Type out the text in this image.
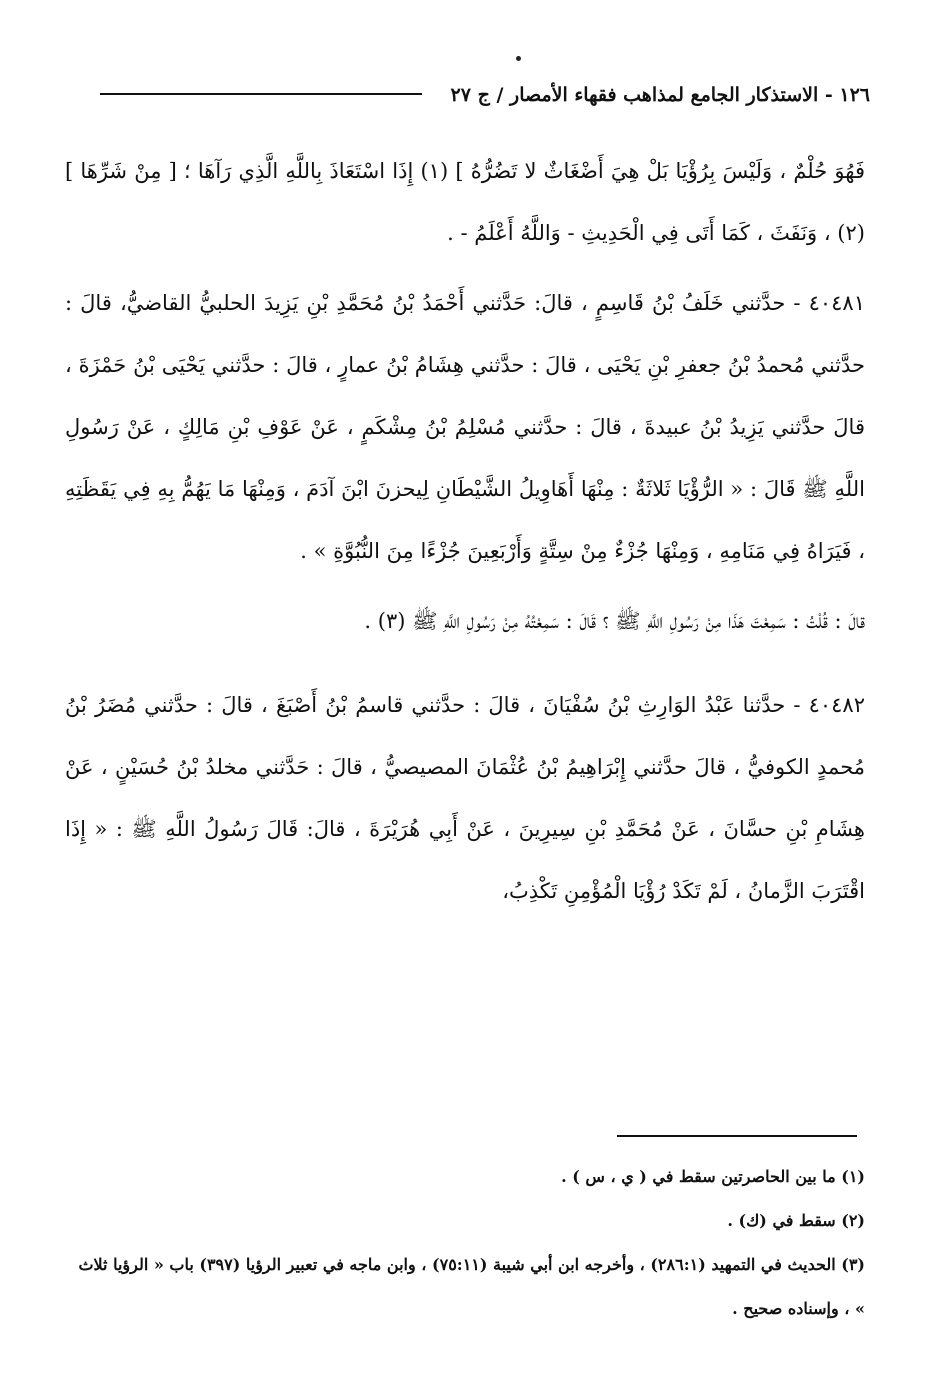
١٢٦ - الاستذكار الجامع لمذاهب فقهاء الأمصار / ج ٢٧

فَهُوَ حُلْمٌ ، وَلَيْسَ بِرُؤْيَا بَلْ هِيَ أَضْغَاثٌ لا تَضُرُّهُ ] (١) إِذَا اسْتَعَاذَ بِاللَّهِ الَّذِي رَآهَا ؛ [ مِنْ شَرِّهَا ] (٢) ، وَنَفَثَ ، كَمَا أَتَى فِي الْحَدِيثِ - وَاللَّهُ أَعْلَمُ - .

٤٠٤٨١ - حدَّثني خَلَفُ بْنُ قَاسِمٍ ، قالَ: حَدَّثني أَحْمَدُ بْنُ مُحَمَّدِ بْنِ يَزِيدَ الحلبيُّ القاضيُّ، قالَ : حدَّثني مُحمدُ بْنُ جعفرِ بْنِ يَحْيَى ، قالَ : حدَّثني هِشَامُ بْنُ عمارٍ ، قالَ : حدَّثني يَحْيَى بْنُ حَمْزَةَ ، قالَ حدَّثني يَزِيدُ بْنُ عبيدةَ ، قالَ : حدَّثني مُسْلِمُ بْنُ مِشْكَمٍ ، عَنْ عَوْفِ بْنِ مَالِكٍ ، عَنْ رَسُولِ اللَّهِ ﷺ قَالَ : « الرُّؤْيَا ثَلاثَةٌ : مِنْهَا أَهَاوِيلُ الشَّيْطَانِ لِيحزنَ ابْنَ آدَمَ ، وَمِنْهَا مَا يَهُمُّ بِهِ فِي يَقَظَتِهِ ، فَيَرَاهُ فِي مَنَامِهِ ، وَمِنْهَا جُزْءٌ مِنْ سِتَّةٍ وَأَرْبَعِينَ جُزْءًا مِنَ النُّبُوَّةِ » .

قالَ : قُلْتُ : سَمِعْتَ هَذَا مِنْ رَسُولِ اللَّهِ ﷺ ؟ قَالَ : سَمِعْتُهُ مِنْ رَسُولِ اللَّهِ ﷺ (٣) .

٤٠٤٨٢ - حدَّثنا عَبْدُ الوَارِثِ بْنُ سُفْيَانَ ، قالَ : حدَّثني قاسمُ بْنُ أَصْبَغَ ، قالَ : حدَّثني مُضَرُ بْنُ مُحمدٍ الكوفيُّ ، قالَ حدَّثني إِبْرَاهِيمُ بْنُ عُثْمَانَ المصيصيُّ ، قالَ : حَدَّثني مخلدُ بْنُ حُسَيْنٍ ، عَنْ هِشَامِ بْنِ حسَّانَ ، عَنْ مُحَمَّدِ بْنِ سِيرِينَ ، عَنْ أَبِي هُرَيْرَةَ ، قالَ: قَالَ رَسُولُ اللَّهِ ﷺ : « إِذَا اقْتَرَبَ الزَّمانُ ، لَمْ تَكَدْ رُؤْيَا الْمُؤْمِنِ تَكْذِبُ،

(١) ما بين الحاصرتين سقط في ( ي ، س ) .

(٢) سقط في (ك) .

(٣) الحديث في التمهيد (٢٨٦:١) ، وأخرجه ابن أبي شيبة (٧٥:١١) ، وابن ماجه في تعبير الرؤيا (٣٩٧) باب « الرؤيا ثلاث » ، وإسناده صحيح .
